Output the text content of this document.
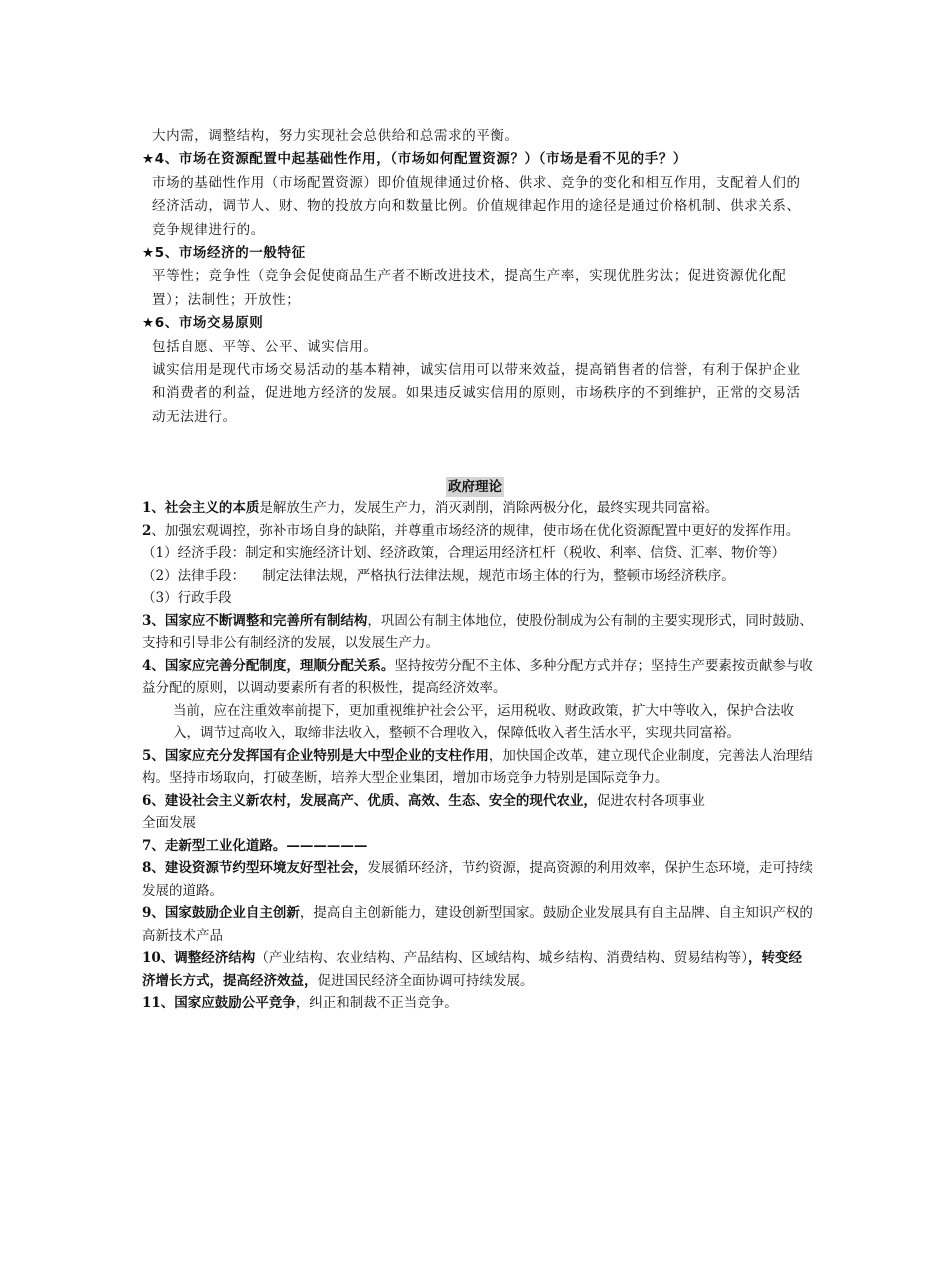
大内需，调整结构，努力实现社会总供给和总需求的平衡。

★4、市场在资源配置中起基础性作用，（市场如何配置资源？）（市场是看不见的手？）

市场的基础性作用（市场配置资源）即价值规律通过价格、供求、竞争的变化和相互作用，支配着人们的经济活动，调节人、财、物的投放方向和数量比例。价值规律起作用的途径是通过价格机制、供求关系、竞争规律进行的。

★5、市场经济的一般特征

平等性；竞争性（竞争会促使商品生产者不断改进技术，提高生产率，实现优胜劣汰；促进资源优化配置）；法制性；开放性；

★6、市场交易原则

包括自愿、平等、公平、诚实信用。

诚实信用是现代市场交易活动的基本精神，诚实信用可以带来效益，提高销售者的信誉，有利于保护企业和消费者的利益，促进地方经济的发展。如果违反诚实信用的原则，市场秩序的不到维护，正常的交易活动无法进行。

政府理论

1、社会主义的本质是解放生产力，发展生产力，消灭剥削，消除两极分化，最终实现共同富裕。

2、加强宏观调控，弥补市场自身的缺陷，并尊重市场经济的规律，使市场在优化资源配置中更好的发挥作用。

（1）经济手段：制定和实施经济计划、经济政策，合理运用经济杠杆（税收、利率、信贷、汇率、物价等）

（2）法律手段：    制定法律法规，严格执行法律法规，规范市场主体的行为，整顿市场经济秩序。

（3）行政手段

3、国家应不断调整和完善所有制结构，巩固公有制主体地位，使股份制成为公有制的主要实现形式，同时鼓励、支持和引导非公有制经济的发展，以发展生产力。

4、国家应完善分配制度，理顺分配关系。坚持按劳分配不主体、多种分配方式并存；坚持生产要素按贡献参与收益分配的原则，以调动要素所有者的积极性，提高经济效率。

当前，应在注重效率前提下，更加重视维护社会公平，运用税收、财政政策，扩大中等收入，保护合法收入，调节过高收入，取缔非法收入，整顿不合理收入，保障低收入者生活水平，实现共同富裕。

5、国家应充分发挥国有企业特别是大中型企业的支柱作用，加快国企改革，建立现代企业制度，完善法人治理结构。坚持市场取向，打破垄断，培养大型企业集团，增加市场竞争力特别是国际竞争力。

6、建设社会主义新农村，发展高产、优质、高效、生态、安全的现代农业，促进农村各项事业

全面发展

7、走新型工业化道路。——————

8、建设资源节约型环境友好型社会，发展循环经济，节约资源，提高资源的利用效率，保护生态环境，走可持续发展的道路。

9、国家鼓励企业自主创新，提高自主创新能力，建设创新型国家。鼓励企业发展具有自主品牌、自主知识产权的高新技术产品

10、调整经济结构（产业结构、农业结构、产品结构、区域结构、城乡结构、消费结构、贸易结构等），转变经济增长方式，提高经济效益，促进国民经济全面协调可持续发展。

11、国家应鼓励公平竞争，纠正和制裁不正当竞争。
